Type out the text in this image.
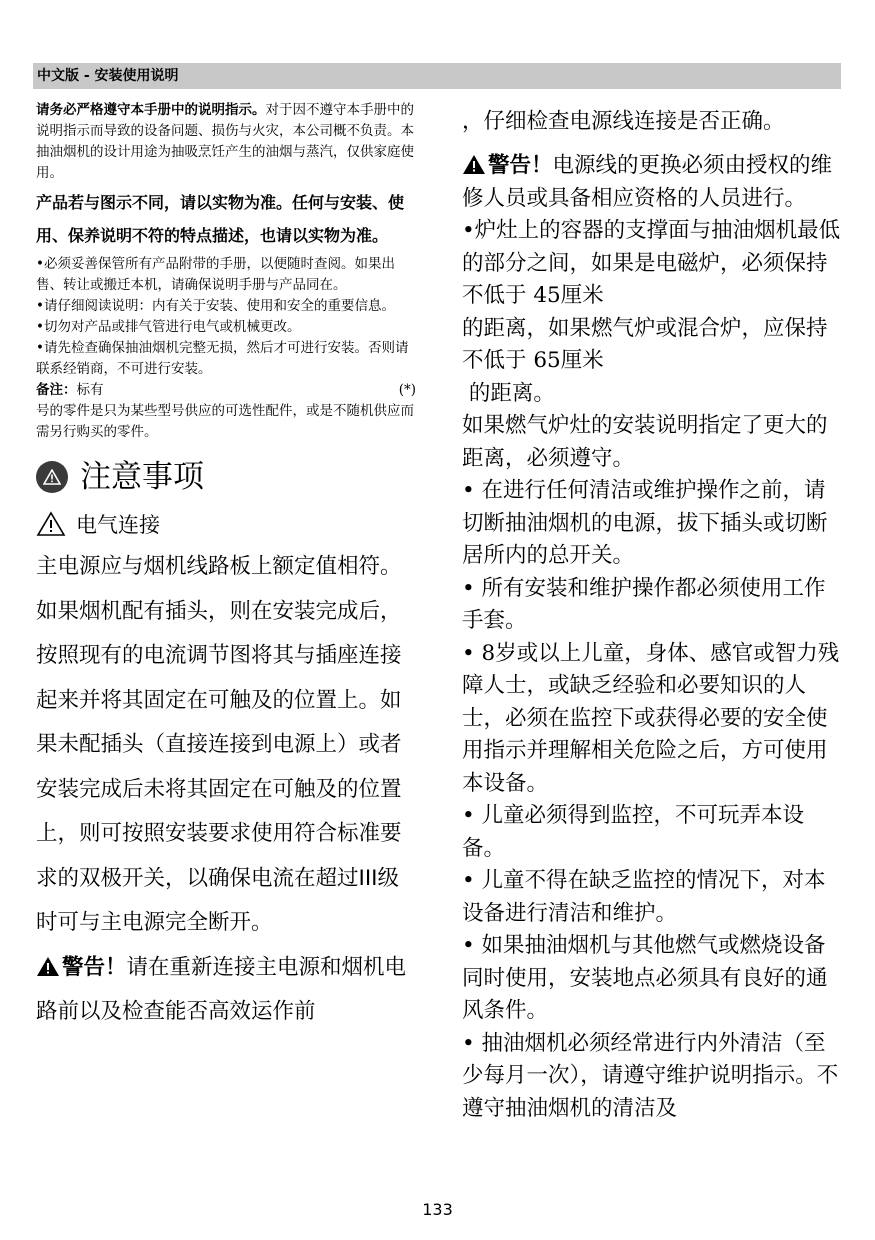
中文版 - 安装使用说明

请务必严格遵守本手册中的说明指示。对于因不遵守本手册中的说明指示而导致的设备问题、损伤与火灾，本公司概不负责。本抽油烟机的设计用途为抽吸烹饪产生的油烟与蒸汽，仅供家庭使用。

产品若与图示不同，请以实物为准。任何与安装、使用、保养说明不符的特点描述，也请以实物为准。

•必须妥善保管所有产品附带的手册，以便随时查阅。如果出售、转让或搬迁本机，请确保说明手册与产品同在。

•请仔细阅读说明：内有关于安装、使用和安全的重要信息。

•切勿对产品或排气管进行电气或机械更改。

•请先检查确保抽油烟机完整无损，然后才可进行安装。否则请联系经销商，不可进行安装。

备注：标有	(*)

号的零件是只为某些型号供应的可选性配件，或是不随机供应而需另行购买的零件。

注意事项
电气连接

主电源应与烟机线路板上额定值相符。如果烟机配有插头，则在安装完成后，按照现有的电流调节图将其与插座连接起来并将其固定在可触及的位置上。如果未配插头（直接连接到电源上）或者安装完成后未将其固定在可触及的位置上，则可按照安装要求使用符合标准要求的双极开关，以确保电流在超过III级时可与主电源完全断开。

警告！请在重新连接主电源和烟机电路前以及检查能否高效运作前

，仔细检查电源线连接是否正确。

警告！电源线的更换必须由授权的维修人员或具备相应资格的人员进行。

•炉灶上的容器的支撑面与抽油烟机最低的部分之间，如果是电磁炉，必须保持不低于 45厘米

的距离，如果燃气炉或混合炉，应保持不低于 65厘米

的距离。

如果燃气炉灶的安装说明指定了更大的距离，必须遵守。

• 在进行任何清洁或维护操作之前，请切断抽油烟机的电源，拔下插头或切断居所内的总开关。

• 所有安装和维护操作都必须使用工作手套。

• 8岁或以上儿童，身体、感官或智力残障人士，或缺乏经验和必要知识的人士，必须在监控下或获得必要的安全使用指示并理解相关危险之后，方可使用本设备。

• 儿童必须得到监控，不可玩弄本设备。

• 儿童不得在缺乏监控的情况下，对本设备进行清洁和维护。

• 如果抽油烟机与其他燃气或燃烧设备同时使用，安装地点必须具有良好的通风条件。

• 抽油烟机必须经常进行内外清洁（至少每月一次），请遵守维护说明指示。不遵守抽油烟机的清洁及

133
